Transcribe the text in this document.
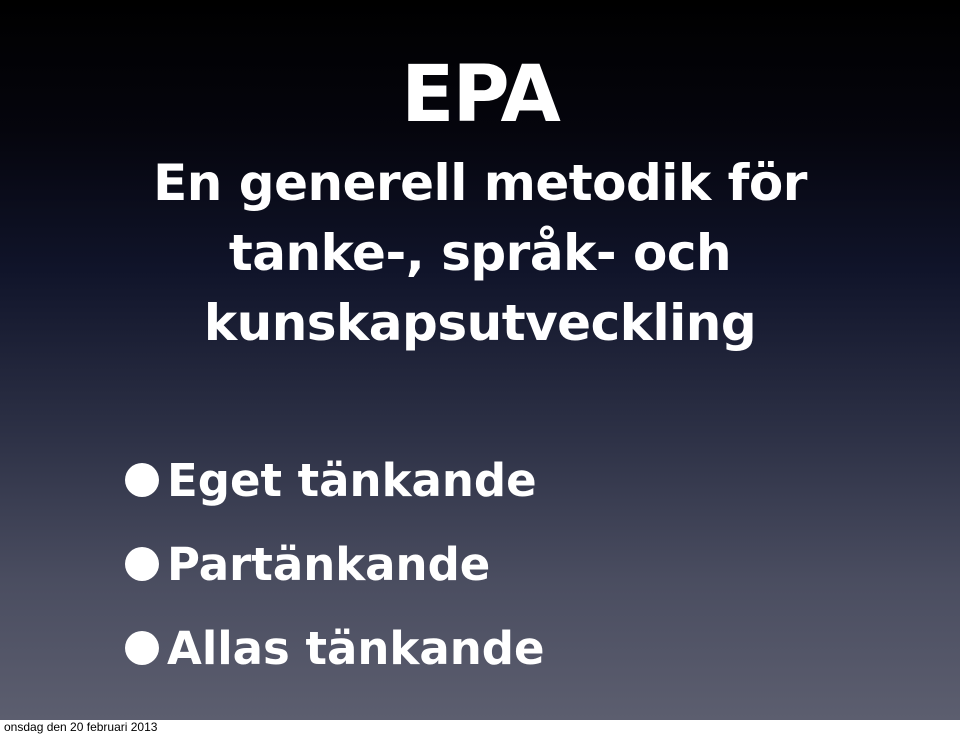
EPA
En generell metodik för
tanke-, språk- och
kunskapsutveckling
Eget tänkande
Partänkande
Allas tänkande
onsdag den 20 februari 2013
